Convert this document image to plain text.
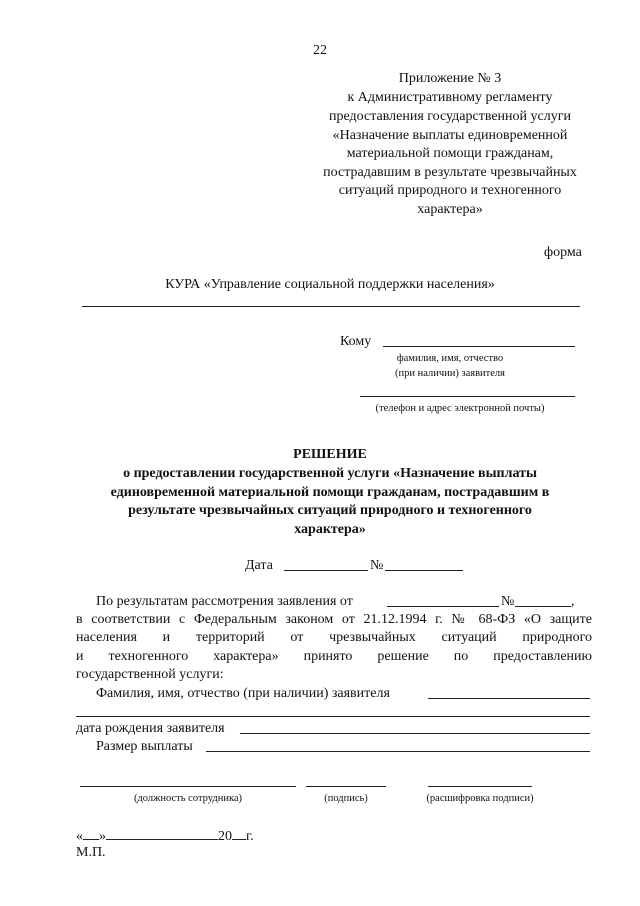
22
Приложение № 3
к Административному регламенту
предоставления государственной услуги
«Назначение выплаты единовременной
материальной помощи гражданам,
пострадавшим в результате чрезвычайных
ситуаций природного и техногенного
характера»
форма
КУРА «Управление социальной поддержки населения»
Кому
фамилия, имя, отчество
(при наличии) заявителя
(телефон и адрес электронной почты)
РЕШЕНИЕ
о предоставлении государственной услуги «Назначение выплаты
единовременной материальной помощи гражданам, пострадавшим в
результате чрезвычайных ситуаций природного и техногенного
характера»
Дата	№
По результатам рассмотрения заявления от	№	,
в соответствии с Федеральным законом от 21.12.1994 г. № 68-ФЗ «О защите
населения и территорий от чрезвычайных ситуаций природного
и техногенного характера» принято решение по предоставлению
государственной услуги:
Фамилия, имя, отчество (при наличии) заявителя
дата рождения заявителя
Размер выплаты
(должность сотрудника)	(подпись)	(расшифровка подписи)
« »	20 г.
М.П.
